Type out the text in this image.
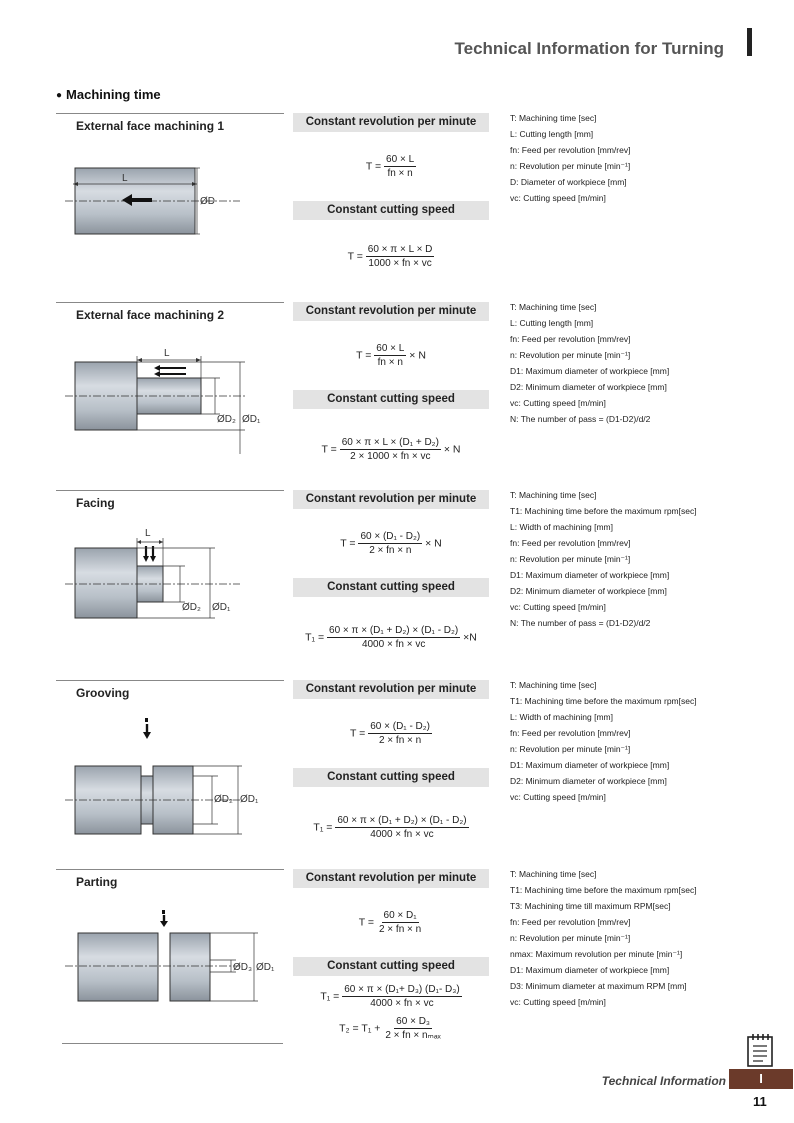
Technical Information for Turning
● Machining time
External face machining 1
L
ØD
Constant revolution per minute
$T = \frac{60 \times L}{fn \times n}$
Constant cutting speed
$T = \frac{60 \times \pi \times L \times D}{1000 \times fn \times vc}$
T: Machining time [sec]
L: Cutting length [mm]
fn: Feed per revolution [mm/rev]
n: Revolution per minute [min⁻¹]
D: Diameter of workpiece [mm]
vc: Cutting speed [m/min]
External face machining 2
L
ØD₂ ØD₁
Constant revolution per minute
$T = \frac{60 \times L}{fn \times n} \times N$
Constant cutting speed
$T = \frac{\text{60 × π × L × (D₁ + D₂)}}{2 \times 1000 \times fn \times vc} \times N$
T: Machining time [sec]
L: Cutting length [mm]
fn: Feed per revolution [mm/rev]
n: Revolution per minute [min⁻¹]
D1: Maximum diameter of workpiece [mm]
D2: Minimum diameter of workpiece [mm]
vc: Cutting speed [m/min]
N: The number of pass = (D1-D2)/d/2
Facing
L
ØD₂ ØD₁
Constant revolution per minute
$T = \frac{\text{60 × (D₁ - D₂)}}{2 \times fn \times n} \times N$
Constant cutting speed
$T_1 = \frac{\text{60 × π × (D₁ + D₂) × (D₁ - D₂)}}{4000 \times fn \times vc} \times N$
T: Machining time [sec]
T1: Machining time before the maximum rpm[sec]
L: Width of machining [mm]
fn: Feed per revolution [mm/rev]
n: Revolution per minute [min⁻¹]
D1: Maximum diameter of workpiece [mm]
D2: Minimum diameter of workpiece [mm]
vc: Cutting speed [m/min]
N: The number of pass = (D1-D2)/d/2
Grooving
ØD₂ ØD₁
Constant revolution per minute
$T = \frac{\text{60 × (D₁ - D₂)}}{2 \times fn \times n}$
Constant cutting speed
$T_1 = \frac{\text{60 × π × (D₁ + D₂) × (D₁ - D₂)}}{4000 \times fn \times vc}$
T: Machining time [sec]
T1: Machining time before the maximum rpm[sec]
L: Width of machining [mm]
fn: Feed per revolution [mm/rev]
n: Revolution per minute [min⁻¹]
D1: Maximum diameter of workpiece [mm]
D2: Minimum diameter of workpiece [mm]
vc: Cutting speed [m/min]
Parting
ØD₃ ØD₁
Constant revolution per minute
$T = \frac{\text{60 × D₁}}{2 \times fn \times n}$
Constant cutting speed
$T_1 = \frac{\text{60 × π × (D₁+ D₃) (D₁- D₃)}}{4000 \times fn \times vc}$
$T_2 = T_1 + \frac{\text{60 × D₃}}{\text{2 × fn × nₘₐₓ}}$
T: Machining time [sec]
T1: Machining time before the maximum rpm[sec]
T3: Machining time till maximum RPM[sec]
fn: Feed per revolution [mm/rev]
n: Revolution per minute [min⁻¹]
nmax: Maximum revolution per minute [min⁻¹]
D1: Maximum diameter of workpiece [mm]
D3: Minimum diameter at maximum RPM [mm]
vc: Cutting speed [m/min]
Technical Information	I
11
